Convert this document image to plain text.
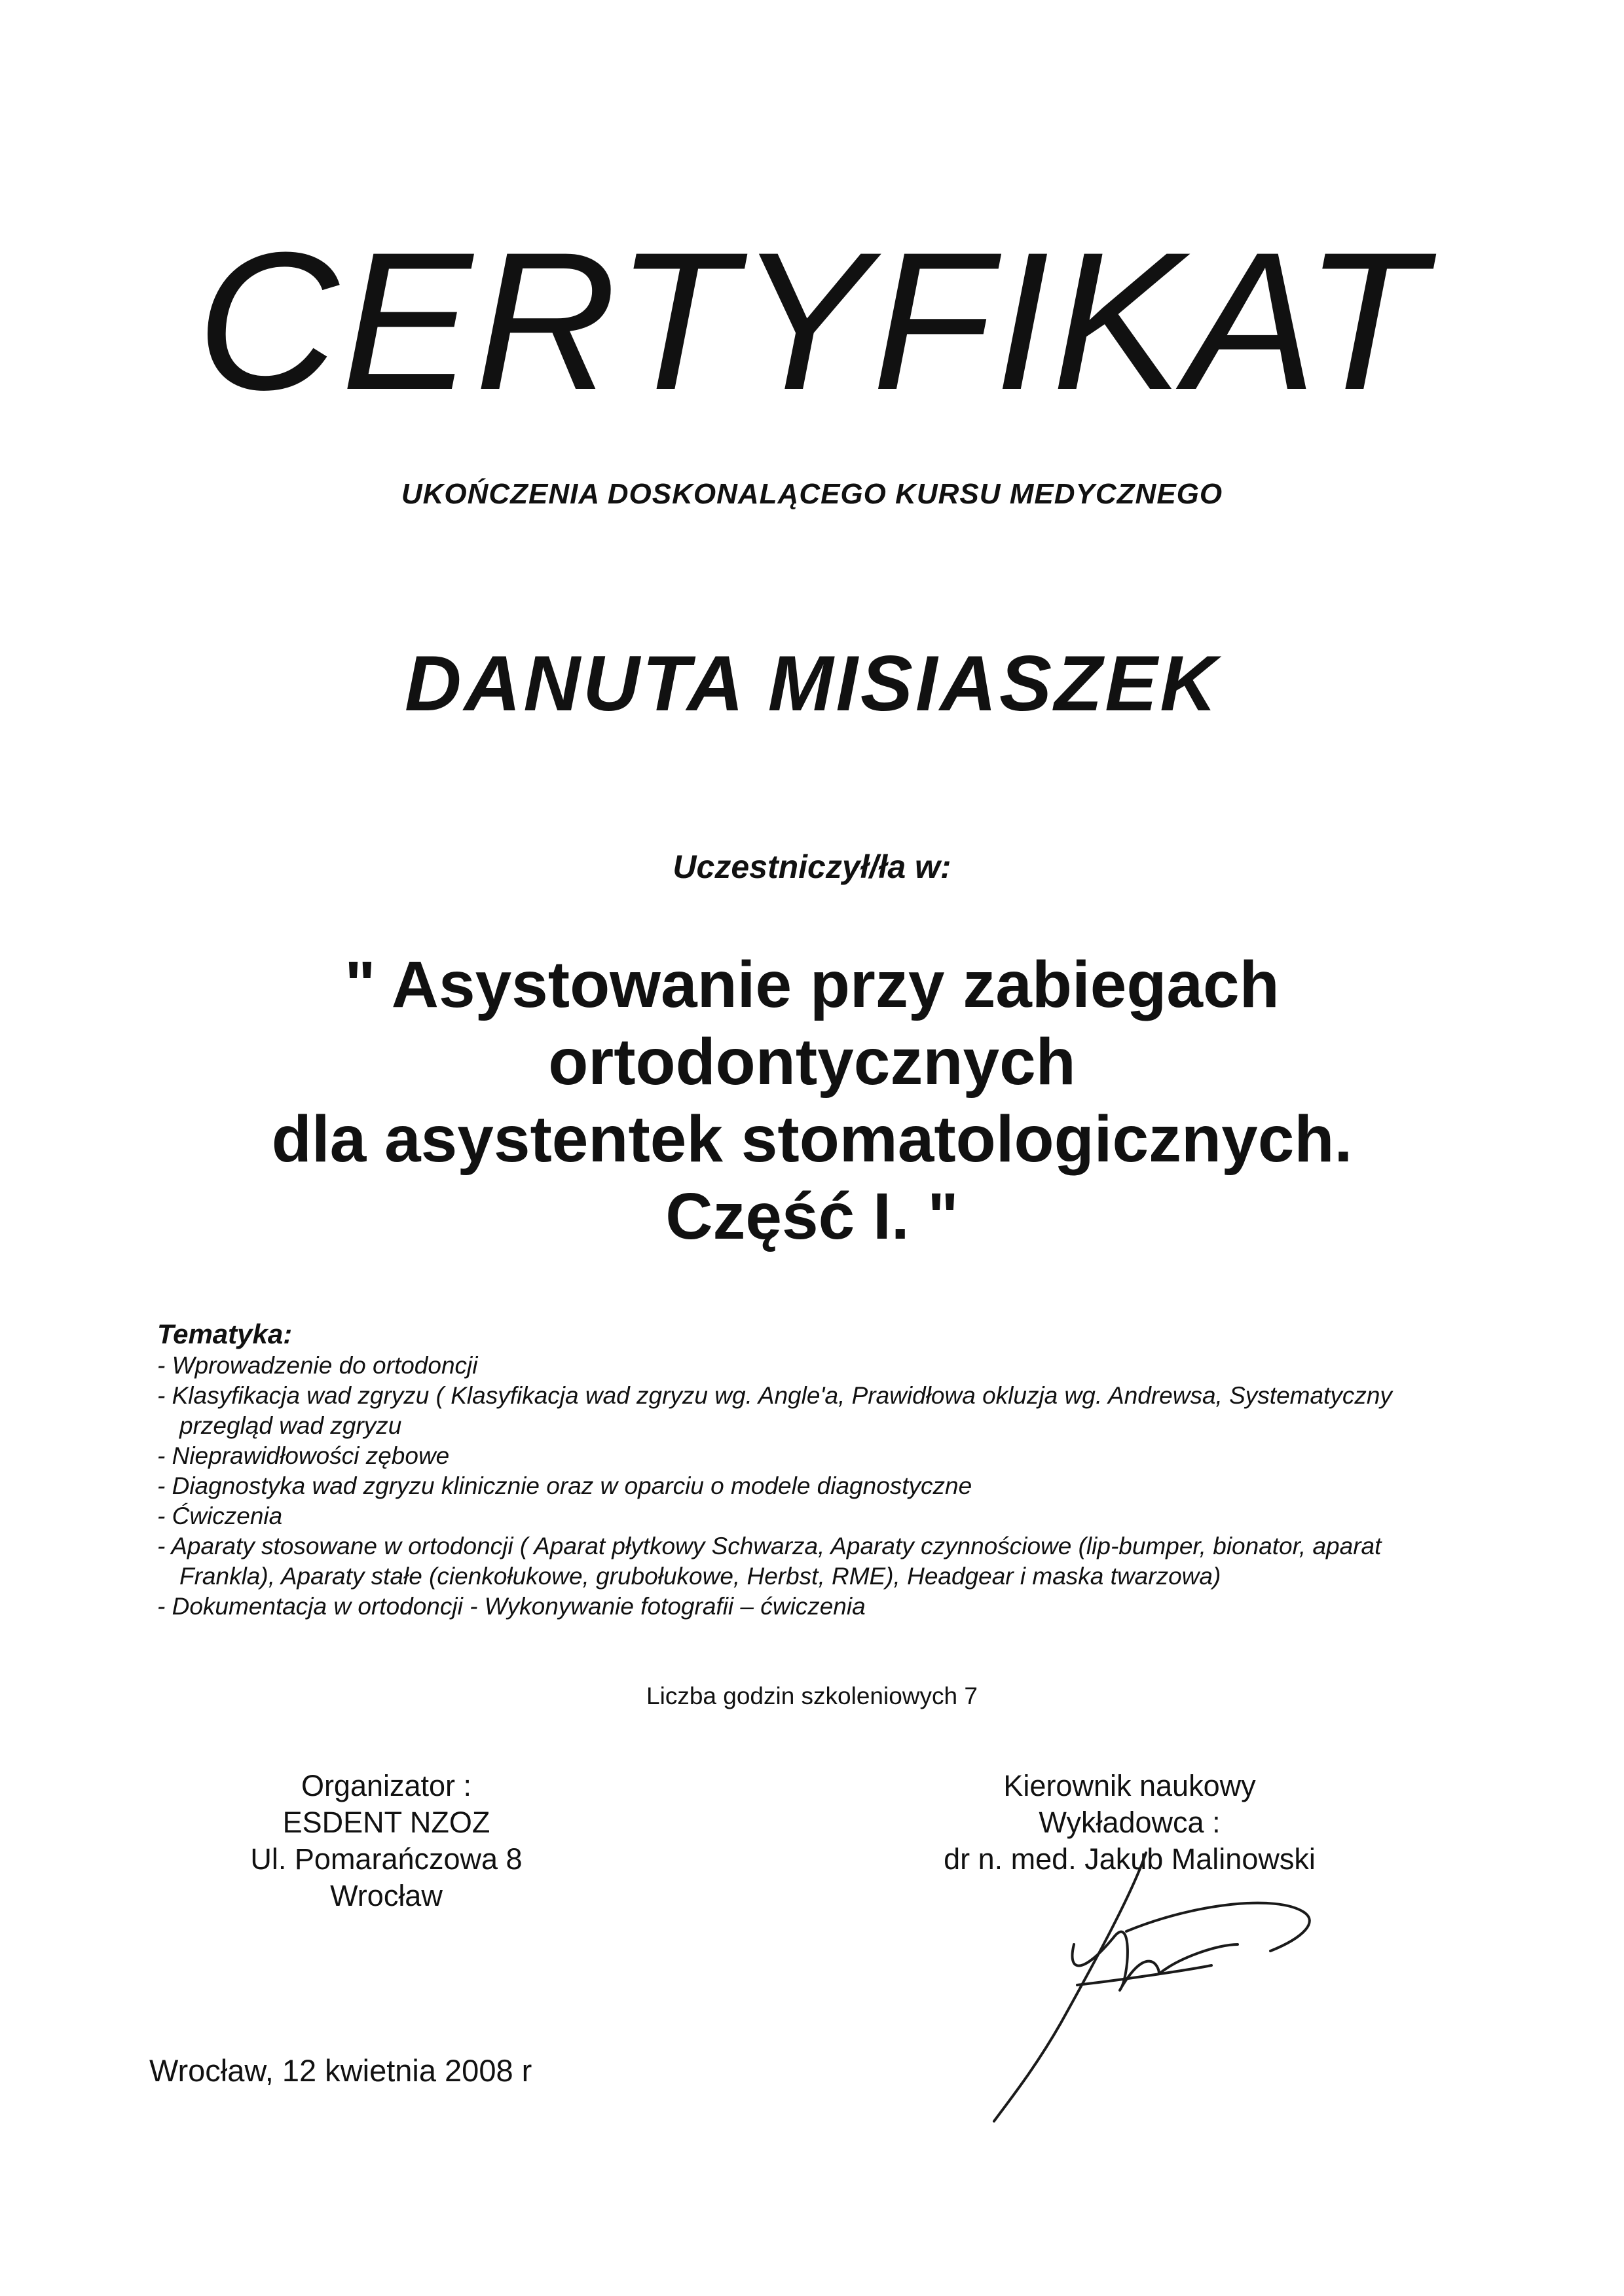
CERTYFIKAT
UKOŃCZENIA DOSKONALĄCEGO KURSU MEDYCZNEGO
DANUTA MISIASZEK
Uczestniczył/ła w:
" Asystowanie przy zabiegach
ortodontycznych
dla asystentek stomatologicznych.
Część I. "
Tematyka:
- Wprowadzenie do ortodoncji
- Klasyfikacja wad zgryzu ( Klasyfikacja wad zgryzu wg. Angle'a, Prawidłowa okluzja wg. Andrewsa, Systematyczny przegląd wad zgryzu
- Nieprawidłowości zębowe
- Diagnostyka wad zgryzu klinicznie oraz w oparciu o modele diagnostyczne
- Ćwiczenia
- Aparaty stosowane w ortodoncji ( Aparat płytkowy Schwarza, Aparaty czynnościowe (lip-bumper, bionator, aparat Frankla), Aparaty stałe (cienkołukowe, grubołukowe, Herbst, RME), Headgear i maska twarzowa)
- Dokumentacja w ortodoncji - Wykonywanie fotografii – ćwiczenia
Liczba godzin szkoleniowych 7
Organizator :
ESDENT NZOZ
Ul. Pomarańczowa 8
Wrocław
Kierownik naukowy
Wykładowca :
dr n. med. Jakub Malinowski
Wrocław, 12 kwietnia 2008 r
